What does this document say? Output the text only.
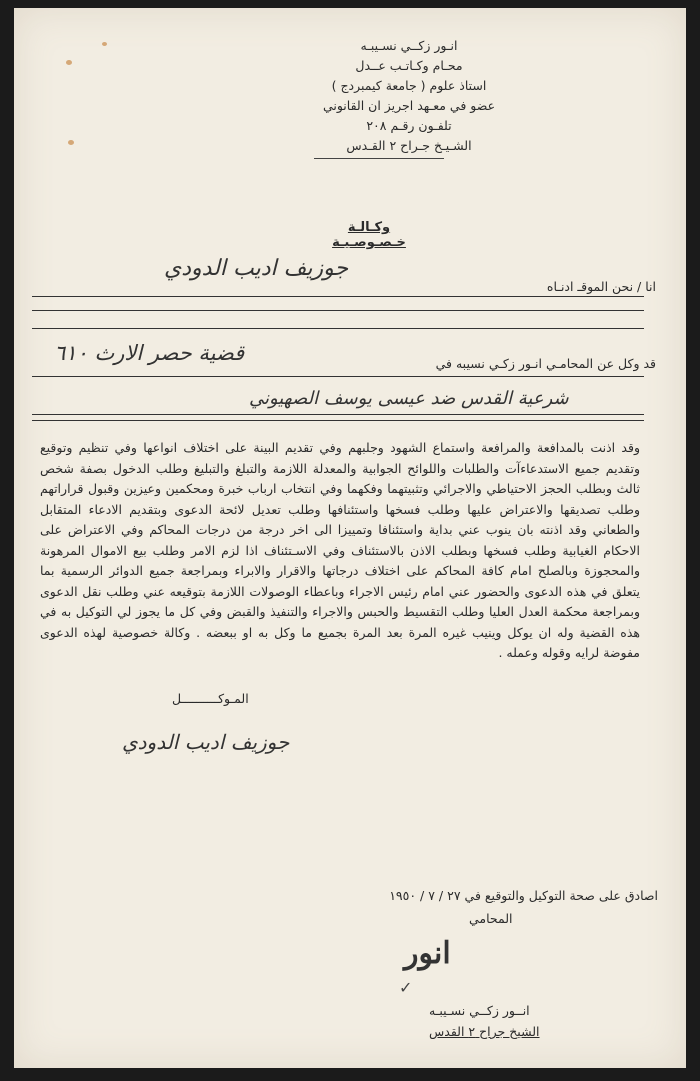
انـور زكــي نسـيبـه
محـام وكـاتـب عــدل
استاذ علوم ( جامعة كيمبردج )
عضو في معـهد اجريز ان القانوني
تلفـون رقـم ٢٠٨
الشـيـخ جـراح ٢ القـدس
وكـالـة خـصـوصـيـة
انا / نحن الموقـ ادنـاه
جوزيف اديب الدودي
قد وكل عن المحامـي انـور زكـي نسيبه في
قضية حصر الارث ٦١٠
شرعية القدس ضد عيسى يوسف الصهيوني

وقد اذنت بالمدافعة والمرافعة واستماع الشهود وجلبهم وفي تقديم البينة على اختلاف انواعها وفي تنظيم وتوقيع وتقديم جميع الاستدعاءآت والطلبات واللوائح الجوابية والمعدلة اللازمة والتبلغ والتبليغ وطلب الدخول بصفة شخص ثالث وبطلب الحجز الاحتياطي والاجرائي وتثبيتهما وفكهما وفي انتخاب ارباب خبرة ومحكمين وعيزين وقبول قراراتهم وطلب تصديقها والاعتراض عليها وطلب فسخها واستئنافها وطلب تعديل لائحة الدعوى وبتقديم الادعاء المتقابل والطعاني وقد اذنته بان ينوب عني بداية واستئنافا وتمييزا الى اخر درجة من درجات المحاكم وفي الاعتراض على الاحكام الغيابية وطلب فسخها وبطلب الاذن بالاستئناف وفي الاسـتئناف اذا لزم الامر وطلب بيع الاموال المرهونة والمحجوزة وبالصلح امام كافة المحاكم على اختلاف درجاتها والاقرار والابراء وبمراجعة جميع الدوائر الرسمية بما يتعلق في هذه الدعوى والحضور عني امام رئيس الاجراء وباعطاء الوصولات اللازمة بتوقيعه عني وطلب نقل الدعوى وبمراجعة محكمة العدل العليا وطلب التقسيط والحبس والاجراء والتنفيذ والقبض وفي كل ما يجوز لي التوكيل به في هذه القضية وله ان يوكل وينيب غيره المرة بعد المرة بجميع ما وكل به او ببعضه . وكالة خصوصية لهذه الدعوى مفوضة لرايه وقوله وعمله .

المـوكــــــــــل
جوزيف اديب الدودي
اصادق على صحة التوكيل والتوقيع في ٢٧ / ٧ / ١٩٥٠
المحامي
انور
✓
انــور زكــي نسـيبـه
الشيخ جراح ٢ القدس
